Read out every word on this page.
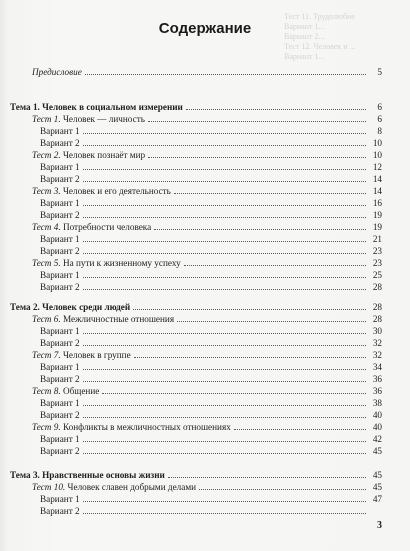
Тест 11. Трудолюбие
Вариант 1...
Вариант 2...
Тест 12. Человек и ...
Вариант 1...
Содержание
Предисловие	5
Тема 1. Человек в социальном измерении	6
Тест 1. Человек — личность	6
Вариант 1	8
Вариант 2	10
Тест 2. Человек познаёт мир	10
Вариант 1	12
Вариант 2	14
Тест 3. Человек и его деятельность	14
Вариант 1	16
Вариант 2	19
Тест 4. Потребности человека	19
Вариант 1	21
Вариант 2	23
Тест 5. На пути к жизненному успеху	23
Вариант 1	25
Вариант 2	28
Тема 2. Человек среди людей	28
Тест 6. Межличностные отношения	28
Вариант 1	30
Вариант 2	32
Тест 7. Человек в группе	32
Вариант 1	34
Вариант 2	36
Тест 8. Общение	36
Вариант 1	38
Вариант 2	40
Тест 9. Конфликты в межличностных отношениях	40
Вариант 1	42
Вариант 2	45
Тема 3. Нравственные основы жизни	45
Тест 10. Человек славен добрыми делами	45
Вариант 1	47
Вариант 2
3
